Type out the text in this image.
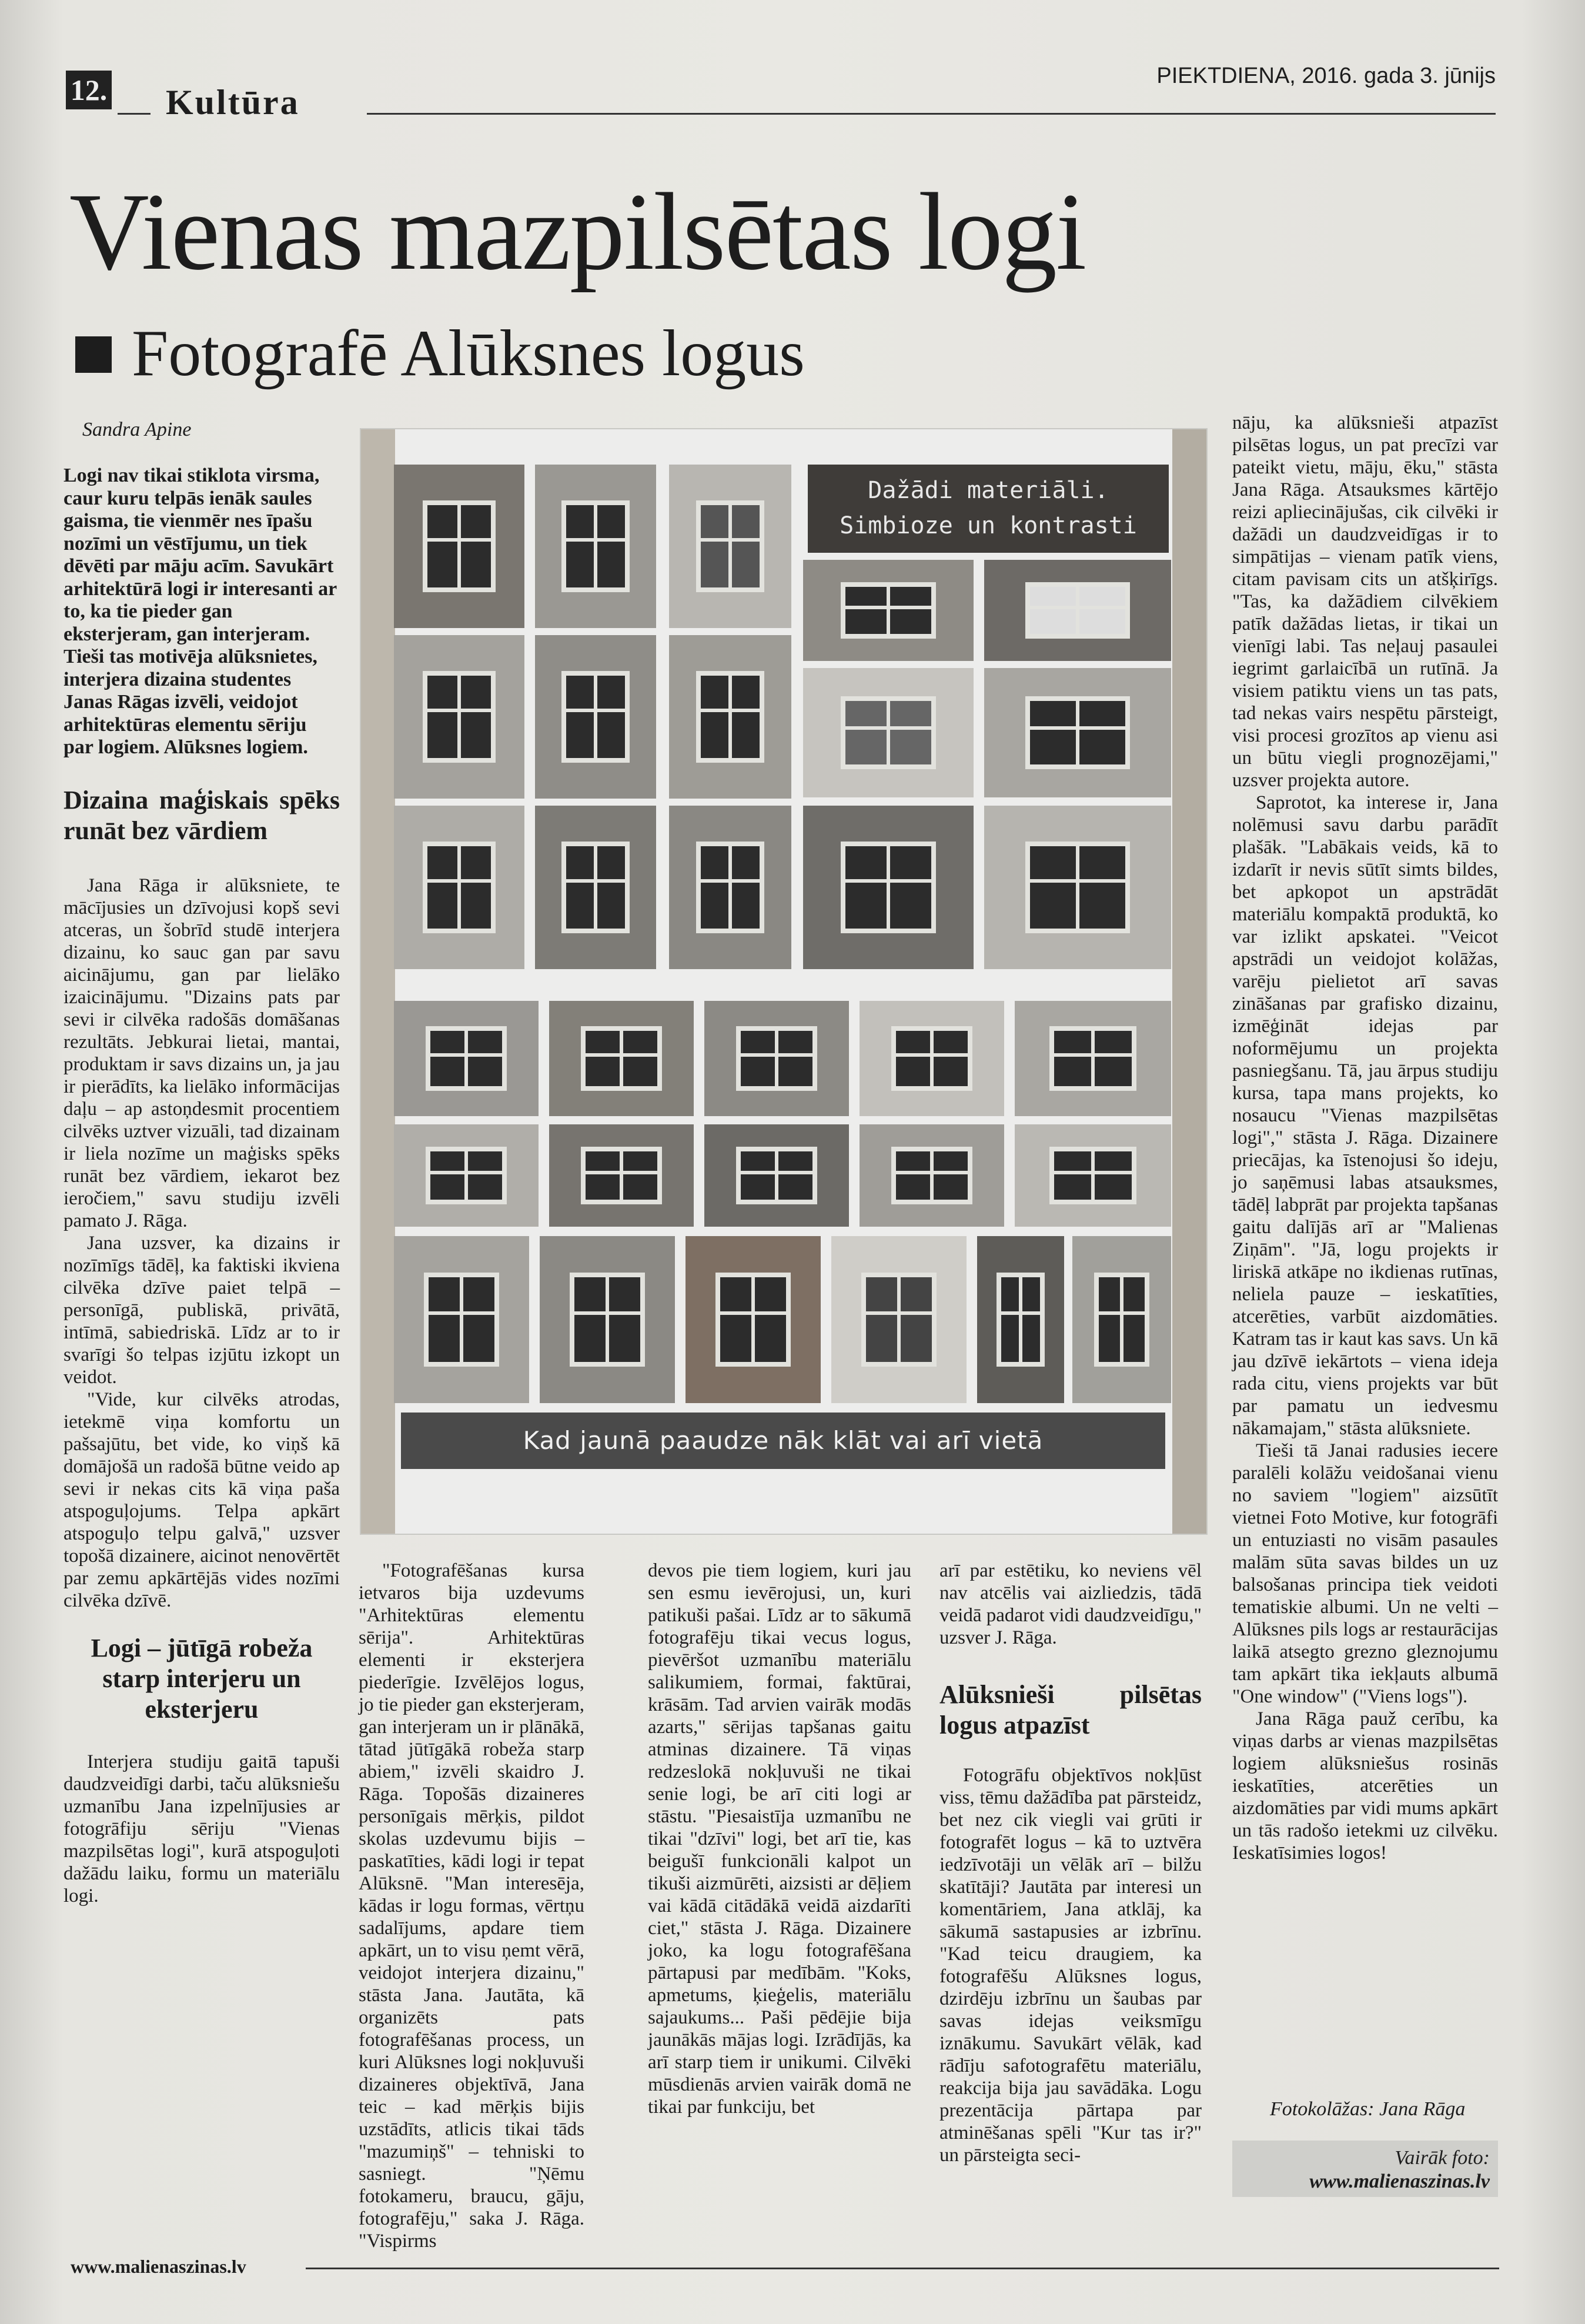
12. Kultūra
PIEKTDIENA, 2016. gada 3. jūnijs
Vienas mazpilsētas logi
Fotografē Alūksnes logus
Sandra Apine

Logi nav tikai stiklota virsma, caur kuru telpās ienāk saules gaisma, tie vienmēr nes īpašu nozīmi un vēstījumu, un tiek dēvēti par māju acīm. Savukārt arhitektūrā logi ir interesanti ar to, ka tie pieder gan eksterjeram, gan interjeram. Tieši tas motivēja alūksnietes, interjera dizaina studentes Janas Rāgas izvēli, veidojot arhitektūras elementu sēriju par logiem. Alūksnes logiem.

Dizaina maģiskais spēks runāt bez vārdiem

Jana Rāga ir alūksniete, te mācījusies un dzīvojusi kopš sevi atceras, un šobrīd studē interjera dizainu, ko sauc gan par savu aicinājumu, gan par lielāko izaicinājumu. "Dizains pats par sevi ir cilvēka radošās domāšanas rezultāts. Jebkurai lietai, mantai, produktam ir savs dizains un, ja jau ir pierādīts, ka lielāko informācijas daļu – ap astoņdesmit procentiem cilvēks uztver vizuāli, tad dizainam ir liela nozīme un maģisks spēks runāt bez vārdiem, iekarot bez ieročiem," savu studiju izvēli pamato J. Rāga.

Jana uzsver, ka dizains ir nozīmīgs tādēļ, ka faktiski ikviena cilvēka dzīve paiet telpā – personīgā, publiskā, privātā, intīmā, sabiedriskā. Līdz ar to ir svarīgi šo telpas izjūtu izkopt un veidot.

"Vide, kur cilvēks atrodas, ietekmē viņa komfortu un pašsajūtu, bet vide, ko viņš kā domājošā un radošā būtne veido ap sevi ir nekas cits kā viņa paša atspoguļojums. Telpa apkārt atspoguļo telpu galvā," uzsver topošā dizainere, aicinot nenovērtēt par zemu apkārtējās vides nozīmi cilvēka dzīvē.

Logi – jūtīgā robeža starp interjeru un eksterjeru

Interjera studiju gaitā tapuši daudzveidīgi darbi, taču alūksniešu uzmanību Jana izpelnījusies ar fotogrāfiju sēriju "Vienas mazpilsētas logi", kurā atspoguļoti dažādu laiku, formu un materiālu logi.

Dažādi materiāli.
Simbioze un kontrasti
Kad jaunā paaudze nāk klāt vai arī vietā

"Fotografēšanas kursa ietvaros bija uzdevums "Arhitektūras elementu sērija". Arhitektūras elementi ir eksterjera piederīgie. Izvēlējos logus, jo tie pieder gan eksterjeram, gan interjeram un ir plānākā, tātad jūtīgākā robeža starp abiem," izvēli skaidro J. Rāga. Topošās dizaineres personīgais mērķis, pildot skolas uzdevumu bijis – paskatīties, kādi logi ir tepat Alūksnē. "Man interesēja, kādas ir logu formas, vērtņu sadalījums, apdare tiem apkārt, un to visu ņemt vērā, veidojot interjera dizainu," stāsta Jana. Jautāta, kā organizēts pats fotografēšanas process, un kuri Alūksnes logi nokļuvuši dizaineres objektīvā, Jana teic – kad mērķis bijis uzstādīts, atlicis tikai tāds "mazumiņš" – tehniski to sasniegt. "Ņēmu fotokameru, braucu, gāju, fotografēju," saka J. Rāga. "Vispirms

devos pie tiem logiem, kuri jau sen esmu ievērojusi, un, kuri patikuši pašai. Līdz ar to sākumā fotografēju tikai vecus logus, pievēršot uzmanību materiālu salikumiem, formai, faktūrai, krāsām. Tad arvien vairāk modās azarts," sērijas tapšanas gaitu atminas dizainere. Tā viņas redzeslokā nokļuvuši ne tikai senie logi, be arī citi logi ar stāstu. "Piesaistīja uzmanību ne tikai "dzīvi" logi, bet arī tie, kas beigušī funkcionāli kalpot un tikuši aizmūrēti, aizsisti ar dēļiem vai kādā citādākā veidā aizdarīti ciet," stāsta J. Rāga. Dizainere joko, ka logu fotografēšana pārtapusi par medībām. "Koks, apmetums, ķieģelis, materiālu sajaukums... Paši pēdējie bija jaunākās mājas logi. Izrādījās, ka arī starp tiem ir unikumi. Cilvēki mūsdienās arvien vairāk domā ne tikai par funkciju, bet

arī par estētiku, ko neviens vēl nav atcēlis vai aizliedzis, tādā veidā padarot vidi daudzveidīgu," uzsver J. Rāga.

Alūksnieši pilsētas logus atpazīst

Fotogrāfu objektīvos nokļūst viss, tēmu dažādība pat pārsteidz, bet nez cik viegli vai grūti ir fotografēt logus – kā to uztvēra iedzīvotāji un vēlāk arī – bilžu skatītāji? Jautāta par interesi un komentāriem, Jana atklāj, ka sākumā sastapusies ar izbrīnu. "Kad teicu draugiem, ka fotografēšu Alūksnes logus, dzirdēju izbrīnu un šaubas par savas idejas veiksmīgu iznākumu. Savukārt vēlāk, kad rādīju safotografētu materiālu, reakcija bija jau savādāka. Logu prezentācija pārtapa par atminēšanas spēli "Kur tas ir?" un pārsteigta seci-

nāju, ka alūksnieši atpazīst pilsētas logus, un pat precīzi var pateikt vietu, māju, ēku," stāsta Jana Rāga. Atsauksmes kārtējo reizi apliecinājušas, cik cilvēki ir dažādi un daudzveidīgas ir to simpātijas – vienam patīk viens, citam pavisam cits un atšķirīgs. "Tas, ka dažādiem cilvēkiem patīk dažādas lietas, ir tikai un vienīgi labi. Tas neļauj pasaulei iegrimt garlaicībā un rutīnā. Ja visiem patiktu viens un tas pats, tad nekas vairs nespētu pārsteigt, visi procesi grozītos ap vienu asi un būtu viegli prognozējami," uzsver projekta autore.

Saprotot, ka interese ir, Jana nolēmusi savu darbu parādīt plašāk. "Labākais veids, kā to izdarīt ir nevis sūtīt simts bildes, bet apkopot un apstrādāt materiālu kompaktā produktā, ko var izlikt apskatei. "Veicot apstrādi un veidojot kolāžas, varēju pielietot arī savas zināšanas par grafisko dizainu, izmēģināt idejas par noformējumu un projekta pasniegšanu. Tā, jau ārpus studiju kursa, tapa mans projekts, ko nosaucu "Vienas mazpilsētas logi"," stāsta J. Rāga. Dizainere priecājas, ka īstenojusi šo ideju, jo saņēmusi labas atsauksmes, tādēļ labprāt par projekta tapšanas gaitu dalījās arī ar "Malienas Ziņām". "Jā, logu projekts ir liriskā atkāpe no ikdienas rutīnas, neliela pauze – ieskatīties, atcerēties, varbūt aizdomāties. Katram tas ir kaut kas savs. Un kā jau dzīvē iekārtots – viena ideja rada citu, viens projekts var būt par pamatu un iedvesmu nākamajam," stāsta alūksniete.

Tieši tā Janai radusies iecere paralēli kolāžu veidošanai vienu no saviem "logiem" aizsūtīt vietnei Foto Motive, kur fotogrāfi un entuziasti no visām pasaules malām sūta savas bildes un uz balsošanas principa tiek veidoti tematiskie albumi. Un ne velti – Alūksnes pils logs ar restaurācijas laikā atsegto grezno gleznojumu tam apkārt tika iekļauts albumā "One window" ("Viens logs").

Jana Rāga pauž cerību, ka viņas darbs ar vienas mazpilsētas logiem alūksniešus rosinās ieskatīties, atcerēties un aizdomāties par vidi mums apkārt un tās radošo ietekmi uz cilvēku. Ieskatīsimies logos!

Fotokolāžas: Jana Rāga
Vairāk foto:
www.malienaszinas.lv
www.malienaszinas.lv
